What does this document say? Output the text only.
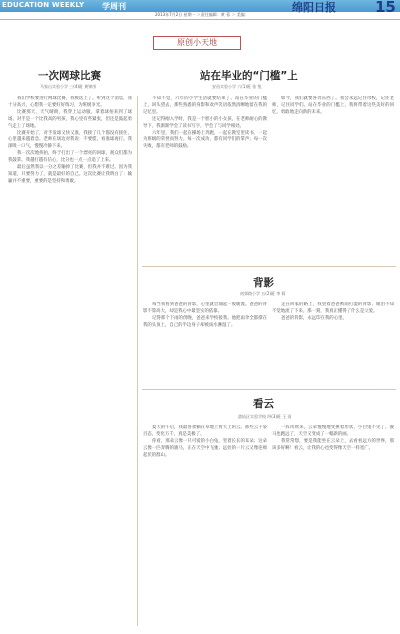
EDUCATION WEEKLY 学周刊	绵阳日报	15
2013年7月2日 星期一 ＞责任编辑：黄 蓉 ＞ 美编：
原创小天地
一次网球比赛
马家山实验小学 三(4)班 黄锦彤

我们学校要进行网球比赛，我被选上了。听到这个消息，我十分高兴，心想我一定要好好练习，为班级争光。

比赛那天，天气晴朗，我穿上运动服，拿着球拍来到了球场。对手是一个比我高的男孩，我心里有些紧张，但还是鼓起勇气走上了场地。

比赛开始了，对手发球又快又准，我接了几个都没有接住，心里越来越着急。老师在场边对我说：不要慌，看准球再打。我深吸一口气，慢慢冷静下来。

我一次次地挥拍，终于打出了一个漂亮的回球，观众们都为我鼓掌。我越打越有信心，比分也一点一点追了上来。

最后虽然我以一分之差输掉了比赛，但我并不难过。因为我知道，只要努力了，就是最好的自己。这次比赛让我明白了：输赢并不重要，重要的是坚持和勇敢。

站在毕业的“门槛”上
安昌实验小学 六(1)班 张 悦

不知不觉，六年的小学生活就要结束了。站在毕业的门槛上，回头望去，那些熟悉的身影和欢声笑语依然清晰地留在我的记忆里。

还记得刚入学时，我是一个胆小的小女孩，在老师耐心的教导下，我渐渐学会了读书写字，学会了与同学相处。

六年里，我们一起在操场上奔跑，一起在教室里读书，一起为班级的荣誉而努力。每一次成功，都有同学们的掌声；每一次失败，都有老师的鼓励。

如今，我们就要各奔东西了。我会永远记住母校，记住老师，记住同学们。站在毕业的门槛上，我将带着这些美好的回忆，勇敢地走向新的未来。

背影
南郊路小学 五(2)班 李 莉

每当我看到爸爸的背影，心里就会涌起一股暖流。爸爸的背影不算高大，却是我心中最坚实的依靠。

记得那个下雨的傍晚，爸爸来学校接我。他把雨伞全都撑在我的头顶上，自己的半边身子却被雨水淋湿了。

走在回家的路上，我望着爸爸被雨打湿的背影，眼泪不知不觉地流了下来。那一刻，我真正懂得了什么是父爱。

爸爸的背影，永远印在我的心里。

看云
游仙区实验学校 四(3)班 王 雨

夏天的午后，我最喜欢躺在草地上看天上的云。那些云千姿百态，变化万千，真是美极了。

你看，那朵云像一只可爱的小白兔，竖着长长的耳朵；这朵云像一匹奔腾的骏马，正在天空中飞驰；远处的一片云又像连绵起伏的群山。

一阵风吹来，云朵慢慢地变换着形状，小白兔不见了，骏马也跑远了，天空又变成了一幅新的画。

我常常想，要是我能坐在云朵上，去看看远方的世界，那该多好啊！看云，让我的心也变得像天空一样宽广。
